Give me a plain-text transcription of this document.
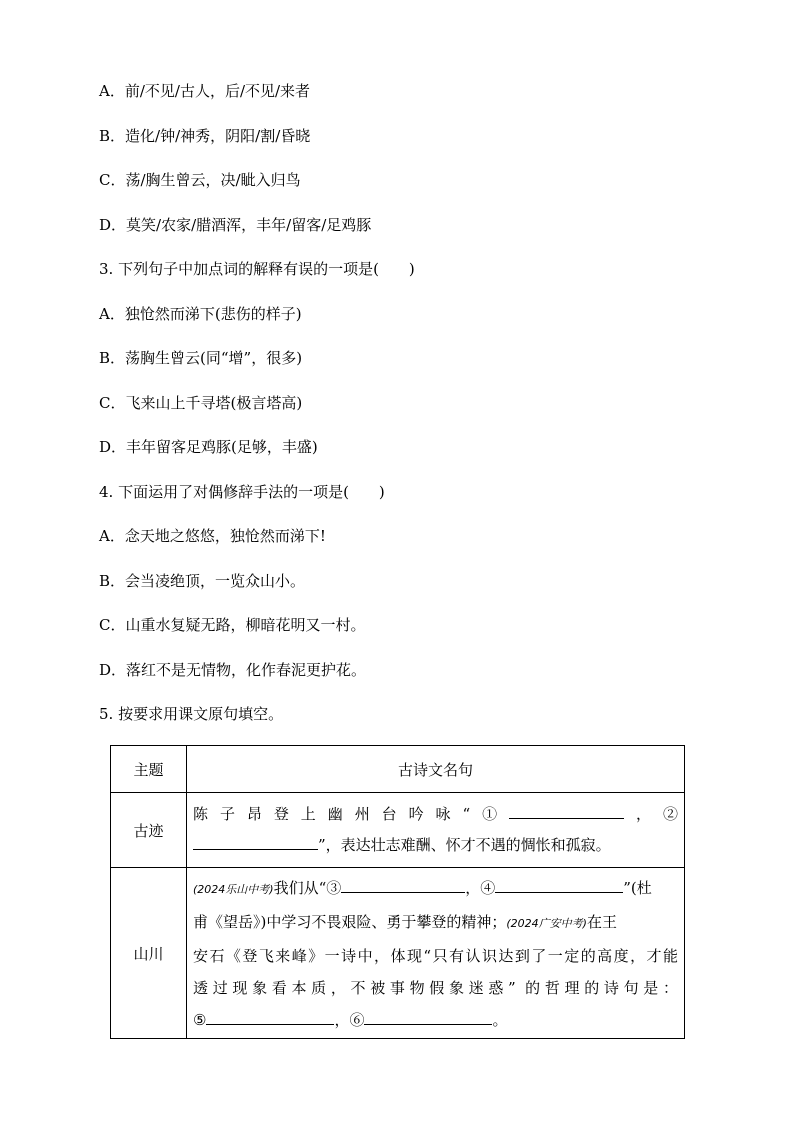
A．前/不见/古人，后/不见/来者
B．造化/钟/神秀，阴阳/割/昏晓
C．荡/胸生曾云，决/眦入归鸟
D．莫笑/农家/腊酒浑，丰年/留客/足鸡豚
3. 下列句子中加点词的解释有误的一项是(　　)
A．独怆然而涕下(悲伤的样子)
B．荡胸生曾云(同“增”，很多)
C．飞来山上千寻塔(极言塔高)
D．丰年留客足鸡豚(足够，丰盛)
4. 下面运用了对偶修辞手法的一项是(　　)
A．念天地之悠悠，独怆然而涕下!
B．会当凌绝顶，一览众山小。
C．山重水复疑无路，柳暗花明又一村。
D．落红不是无情物，化作春泥更护花。
5. 按要求用课文原句填空。
主题	古诗文名句
古迹	陈子昂登上幽州台吟咏“① ，②
”，表达壮志难酬、怀才不遇的惆怅和孤寂。

山川	(2024乐山中考)我们从“③ ，④ ”(杜
甫《望岳》)中学习不畏艰险、勇于攀登的精神；(2024广安中考)在王
安石《登飞来峰》一诗中，体现“只有认识达到了一定的高度，才能
透过现象看本质，不被事物假象迷惑” 的哲理的诗句是：
⑤ ，⑥ 。
